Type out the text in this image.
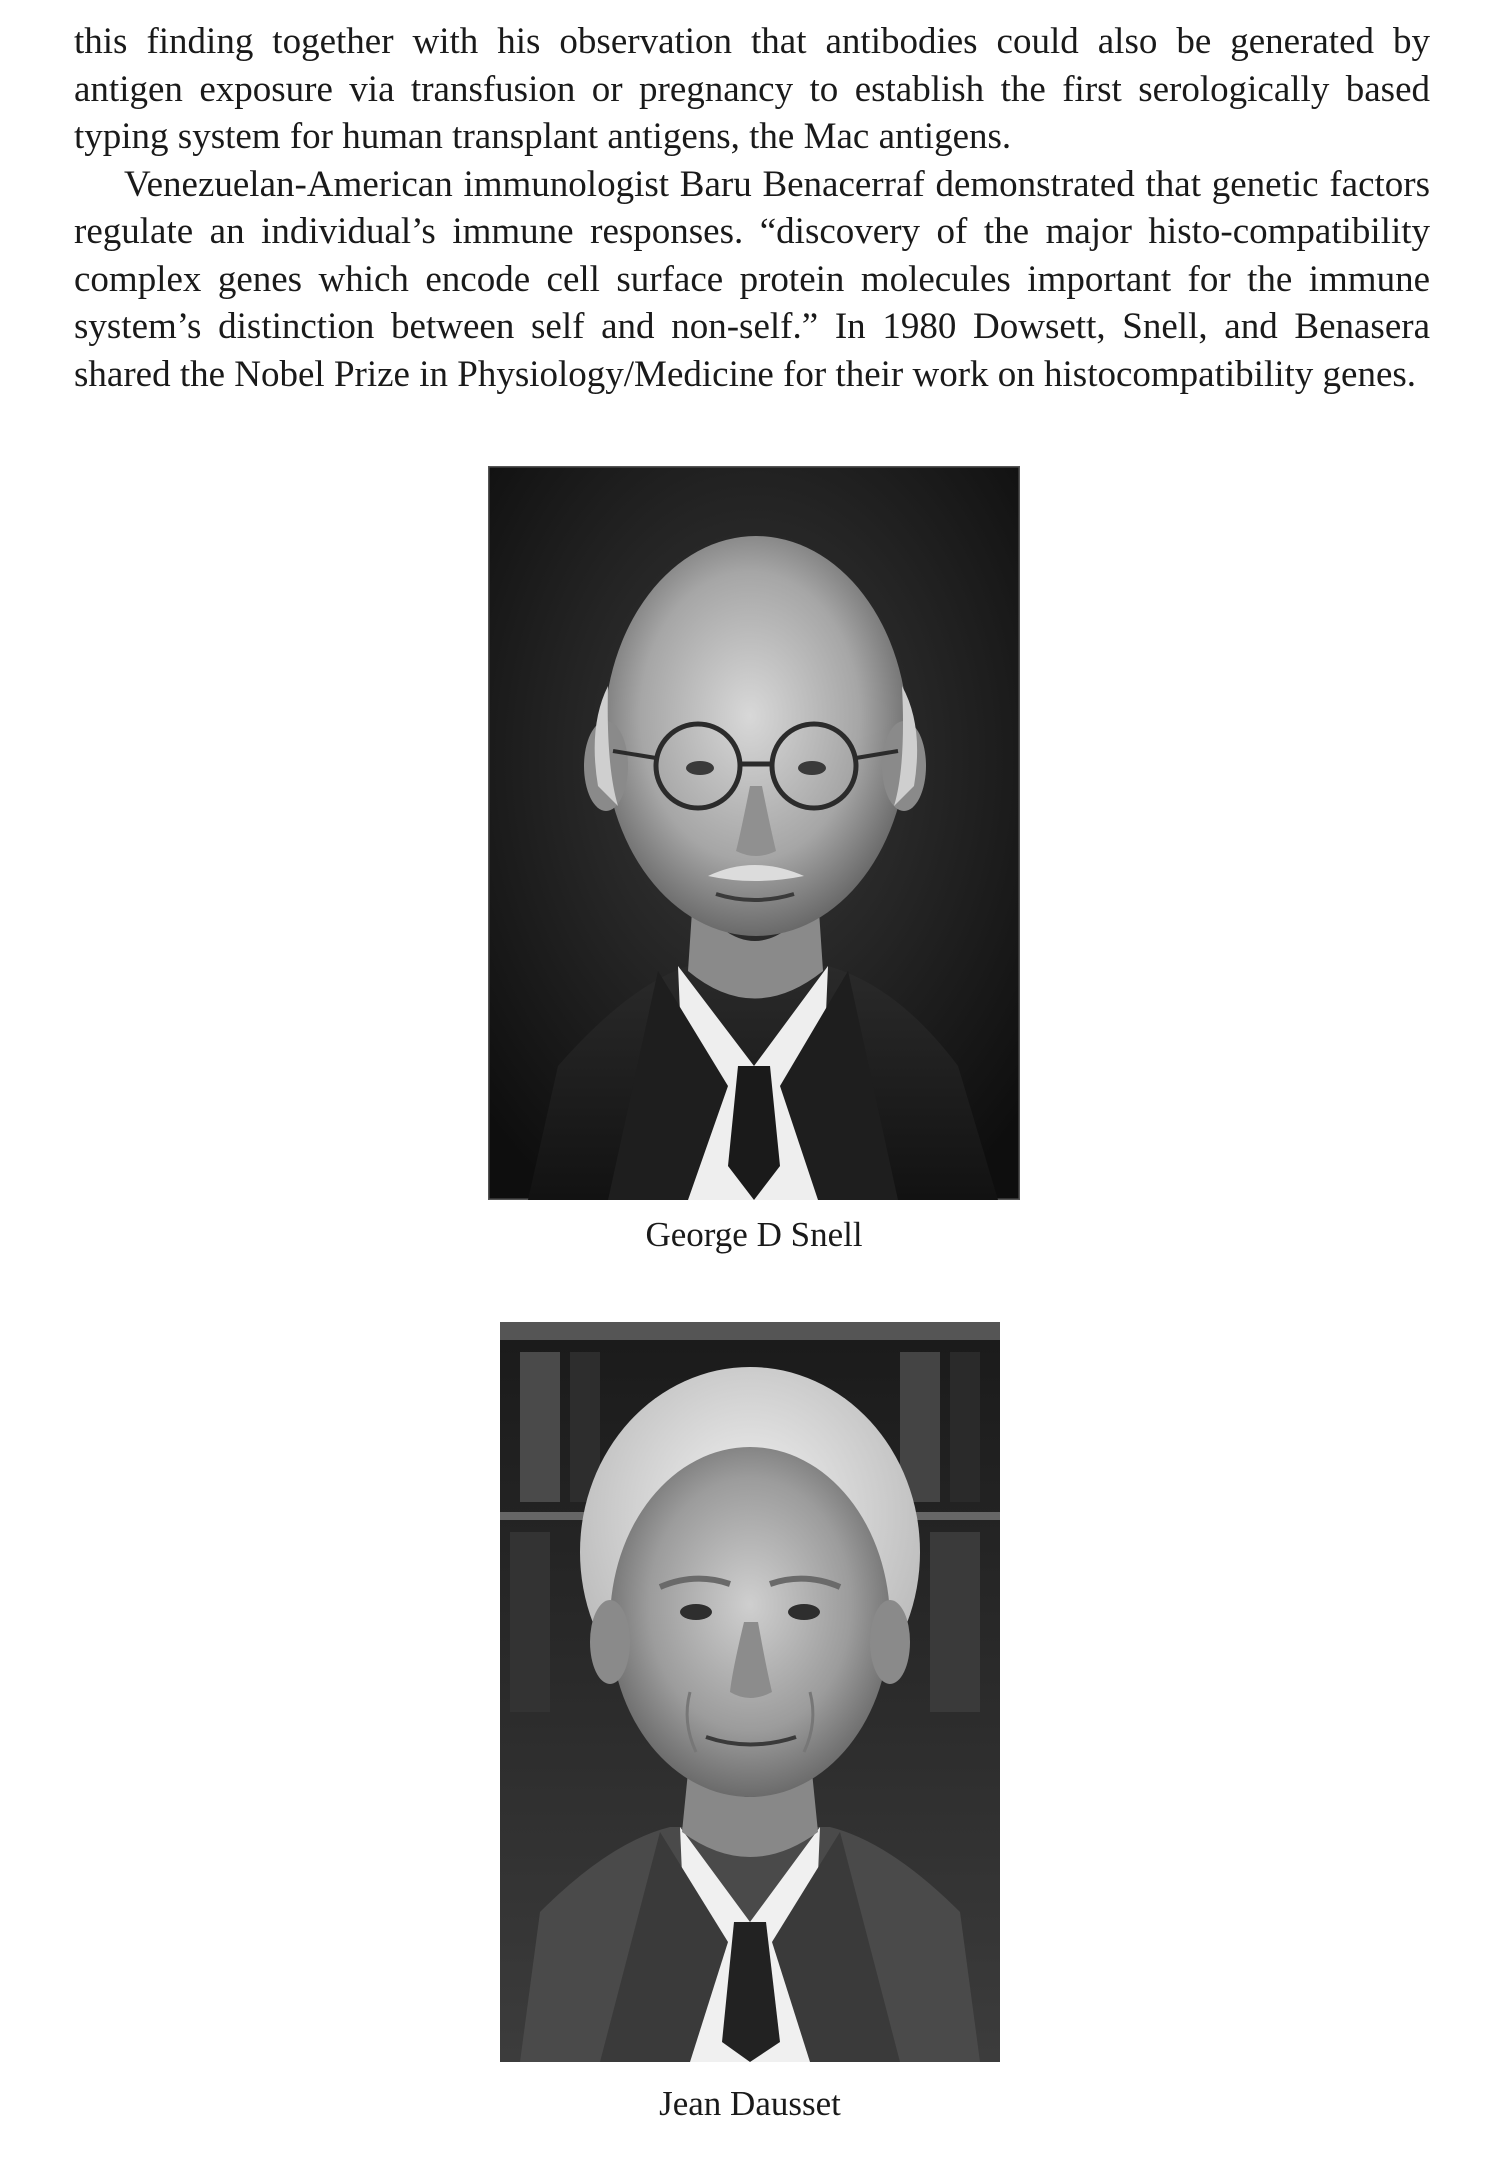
this finding together with his observation that antibodies could also be generated by antigen exposure via transfusion or pregnancy to establish the first serologically based typing system for human transplant antigens, the Mac antigens.

Venezuelan-American immunologist Baru Benacerraf demonstrated that genetic factors regulate an individual’s immune responses. “discovery of the major histo-compatibility complex genes which encode cell surface protein molecules important for the immune system’s distinction between self and non-self.” In 1980 Dowsett, Snell, and Benasera shared the Nobel Prize in Physiology/Medicine for their work on histocompatibility genes.

George D Snell
Jean Dausset
